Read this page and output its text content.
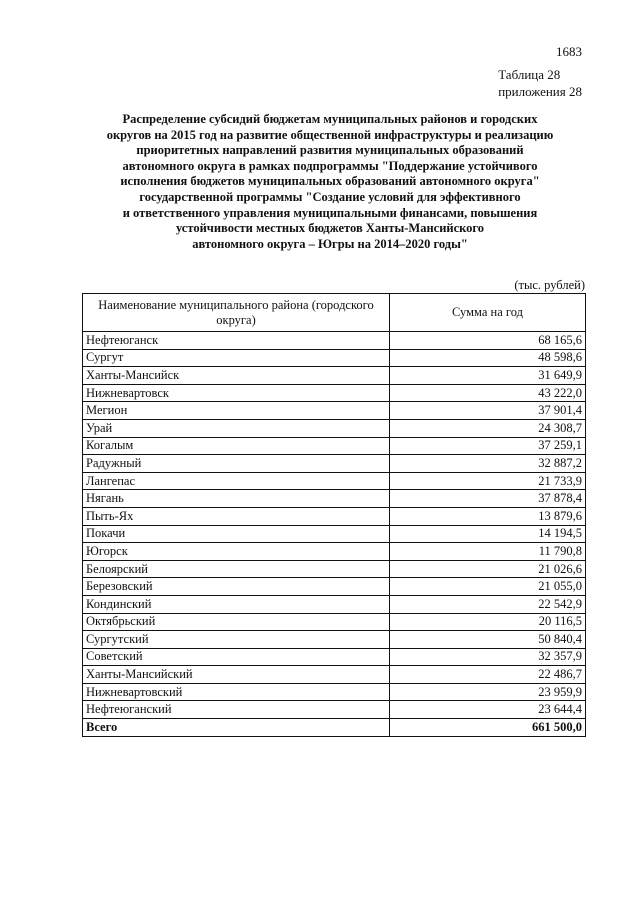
1683
Таблица 28
приложения 28
Распределение субсидий бюджетам муниципальных районов и городских
округов на 2015 год на развитие общественной инфраструктуры и реализацию
приоритетных направлений развития муниципальных образований
автономного округа в рамках подпрограммы "Поддержание устойчивого
исполнения бюджетов муниципальных образований автономного округа"
государственной программы "Создание условий для эффективного
и ответственного управления муниципальными финансами, повышения
устойчивости местных бюджетов Ханты-Мансийского
автономного округа – Югры на 2014–2020 годы"
(тыс. рублей)
Наименование муниципального района (городского округа)	Сумма на год
Нефтеюганск	68 165,6
Сургут	48 598,6
Ханты-Мансийск	31 649,9
Нижневартовск	43 222,0
Мегион	37 901,4
Урай	24 308,7
Когалым	37 259,1
Радужный	32 887,2
Лангепас	21 733,9
Нягань	37 878,4
Пыть-Ях	13 879,6
Покачи	14 194,5
Югорск	11 790,8
Белоярский	21 026,6
Березовский	21 055,0
Кондинский	22 542,9
Октябрьский	20 116,5
Сургутский	50 840,4
Советский	32 357,9
Ханты-Мансийский	22 486,7
Нижневартовский	23 959,9
Нефтеюганский	23 644,4
Всего	661 500,0
